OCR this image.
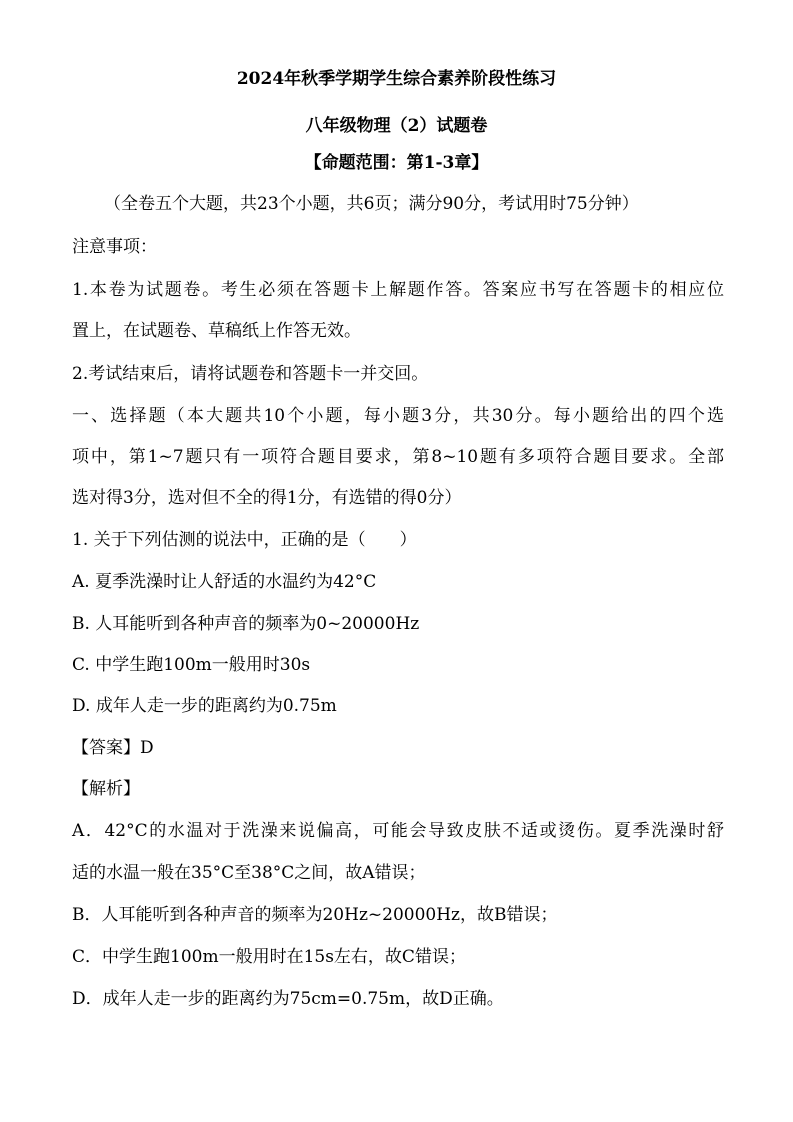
2024年秋季学期学生综合素养阶段性练习
八年级物理（2）试题卷
【命题范围：第1-3章】
（全卷五个大题，共23个小题，共6页；满分90分，考试用时75分钟）
注意事项：
1.本卷为试题卷。考生必须在答题卡上解题作答。答案应书写在答题卡的相应位
置上，在试题卷、草稿纸上作答无效。
2.考试结束后，请将试题卷和答题卡一并交回。
一、选择题（本大题共10个小题，每小题3分，共30分。每小题给出的四个选
项中，第1~7题只有一项符合题目要求，第8~10题有多项符合题目要求。全部
选对得3分，选对但不全的得1分，有选错的得0分）
1. 关于下列估测的说法中，正确的是（　　）
A. 夏季洗澡时让人舒适的水温约为42°C
B. 人耳能听到各种声音的频率为0~20000Hz
C. 中学生跑100m一般用时30s
D. 成年人走一步的距离约为0.75m
【答案】D
【解析】
A．42°C的水温对于洗澡来说偏高，可能会导致皮肤不适或烫伤。夏季洗澡时舒
适的水温一般在35°C至38°C之间，故A错误；
B．人耳能听到各种声音的频率为20Hz~20000Hz，故B错误；
C．中学生跑100m一般用时在15s左右，故C错误；
D．成年人走一步的距离约为75cm=0.75m，故D正确。
